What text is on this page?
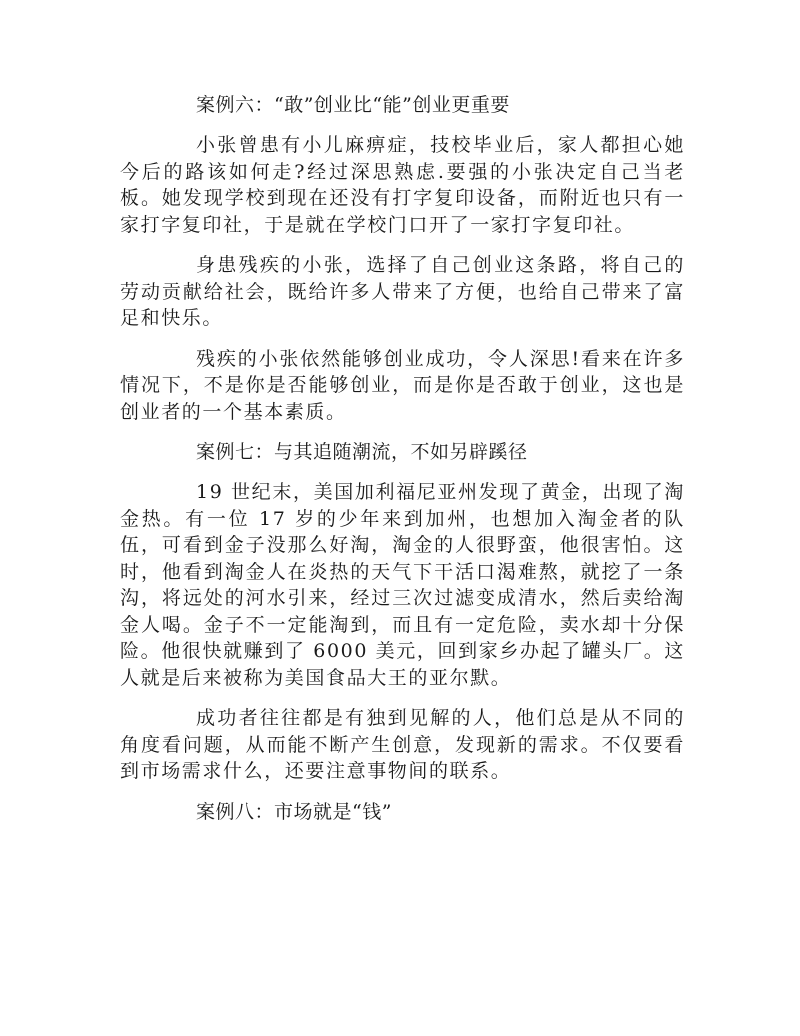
案例六：“敢”创业比“能”创业更重要

小张曾患有小儿麻痹症，技校毕业后，家人都担心她今后的路该如何走?经过深思熟虑.要强的小张决定自己当老板。她发现学校到现在还没有打字复印设备，而附近也只有一家打字复印社，于是就在学校门口开了一家打字复印社。

身患残疾的小张，选择了自己创业这条路，将自己的劳动贡献给社会，既给许多人带来了方便，也给自己带来了富足和快乐。

残疾的小张依然能够创业成功，令人深思!看来在许多情况下，不是你是否能够创业，而是你是否敢于创业，这也是创业者的一个基本素质。

案例七：与其追随潮流，不如另辟蹊径

19 世纪末，美国加利福尼亚州发现了黄金，出现了淘金热。有一位 17 岁的少年来到加州，也想加入淘金者的队伍，可看到金子没那么好淘，淘金的人很野蛮，他很害怕。这时，他看到淘金人在炎热的天气下干活口渴难熬，就挖了一条沟，将远处的河水引来，经过三次过滤变成清水，然后卖给淘金人喝。金子不一定能淘到，而且有一定危险，卖水却十分保险。他很快就赚到了 6000 美元，回到家乡办起了罐头厂。这人就是后来被称为美国食品大王的亚尔默。

成功者往往都是有独到见解的人，他们总是从不同的角度看问题，从而能不断产生创意，发现新的需求。不仅要看到市场需求什么，还要注意事物间的联系。

案例八：市场就是“钱”
